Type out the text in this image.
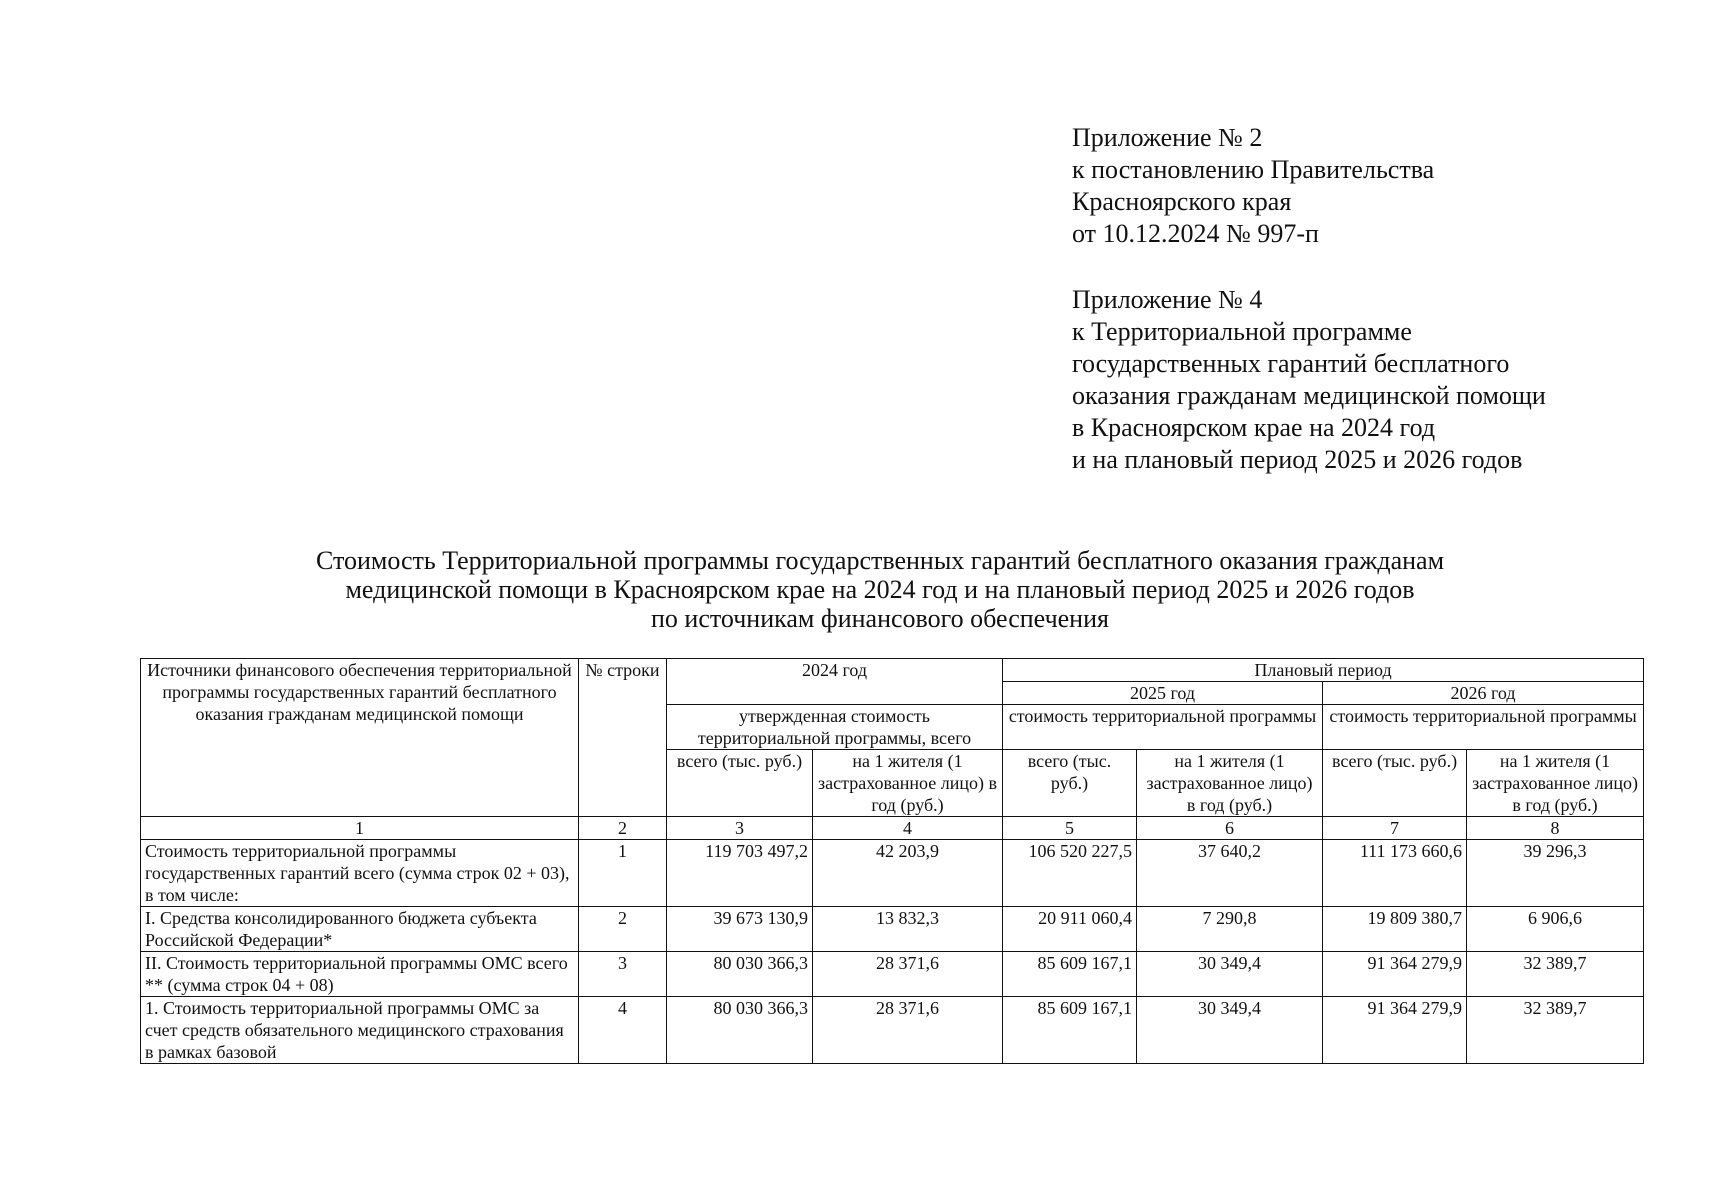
Приложение № 2
к постановлению Правительства
Красноярского края
от 10.12.2024 № 997-п
Приложение № 4
к Территориальной программе
государственных гарантий бесплатного
оказания гражданам медицинской помощи
в Красноярском крае на 2024 год
и на плановый период 2025 и 2026 годов
Стоимость Территориальной программы государственных гарантий бесплатного оказания гражданам
медицинской помощи в Красноярском крае на 2024 год и на плановый период 2025 и 2026 годов
по источникам финансового обеспечения
Источники финансового обеспечения территориальной программы государственных гарантий бесплатного оказания гражданам медицинской помощи	№ строки	2024 год		Плановый период			
				2025 год		2026 год	
		утвержденная стоимость территориальной программы, всего		стоимость территориальной программы		стоимость территориальной программы	
		всего (тыс. руб.)	на 1 жителя (1 застрахованное лицо) в год (руб.)	всего (тыс. руб.)	на 1 жителя (1 застрахованное лицо) в год (руб.)	всего (тыс. руб.)	на 1 жителя (1 застрахованное лицо) в год (руб.)
1	2	3	4	5	6	7	8
Стоимость территориальной программы государственных гарантий всего (сумма строк 02 + 03), в том числе:	1	119 703 497,2	42 203,9	106 520 227,5	37 640,2	111 173 660,6	39 296,3
I. Средства консолидированного бюджета субъекта Российской Федерации*	2	39 673 130,9	13 832,3	20 911 060,4	7 290,8	19 809 380,7	6 906,6
II. Стоимость территориальной программы ОМС всего ** (сумма строк 04 + 08)	3	80 030 366,3	28 371,6	85 609 167,1	30 349,4	91 364 279,9	32 389,7
1. Стоимость территориальной программы ОМС за счет средств обязательного медицинского страхования в рамках базовой	4	80 030 366,3	28 371,6	85 609 167,1	30 349,4	91 364 279,9	32 389,7
